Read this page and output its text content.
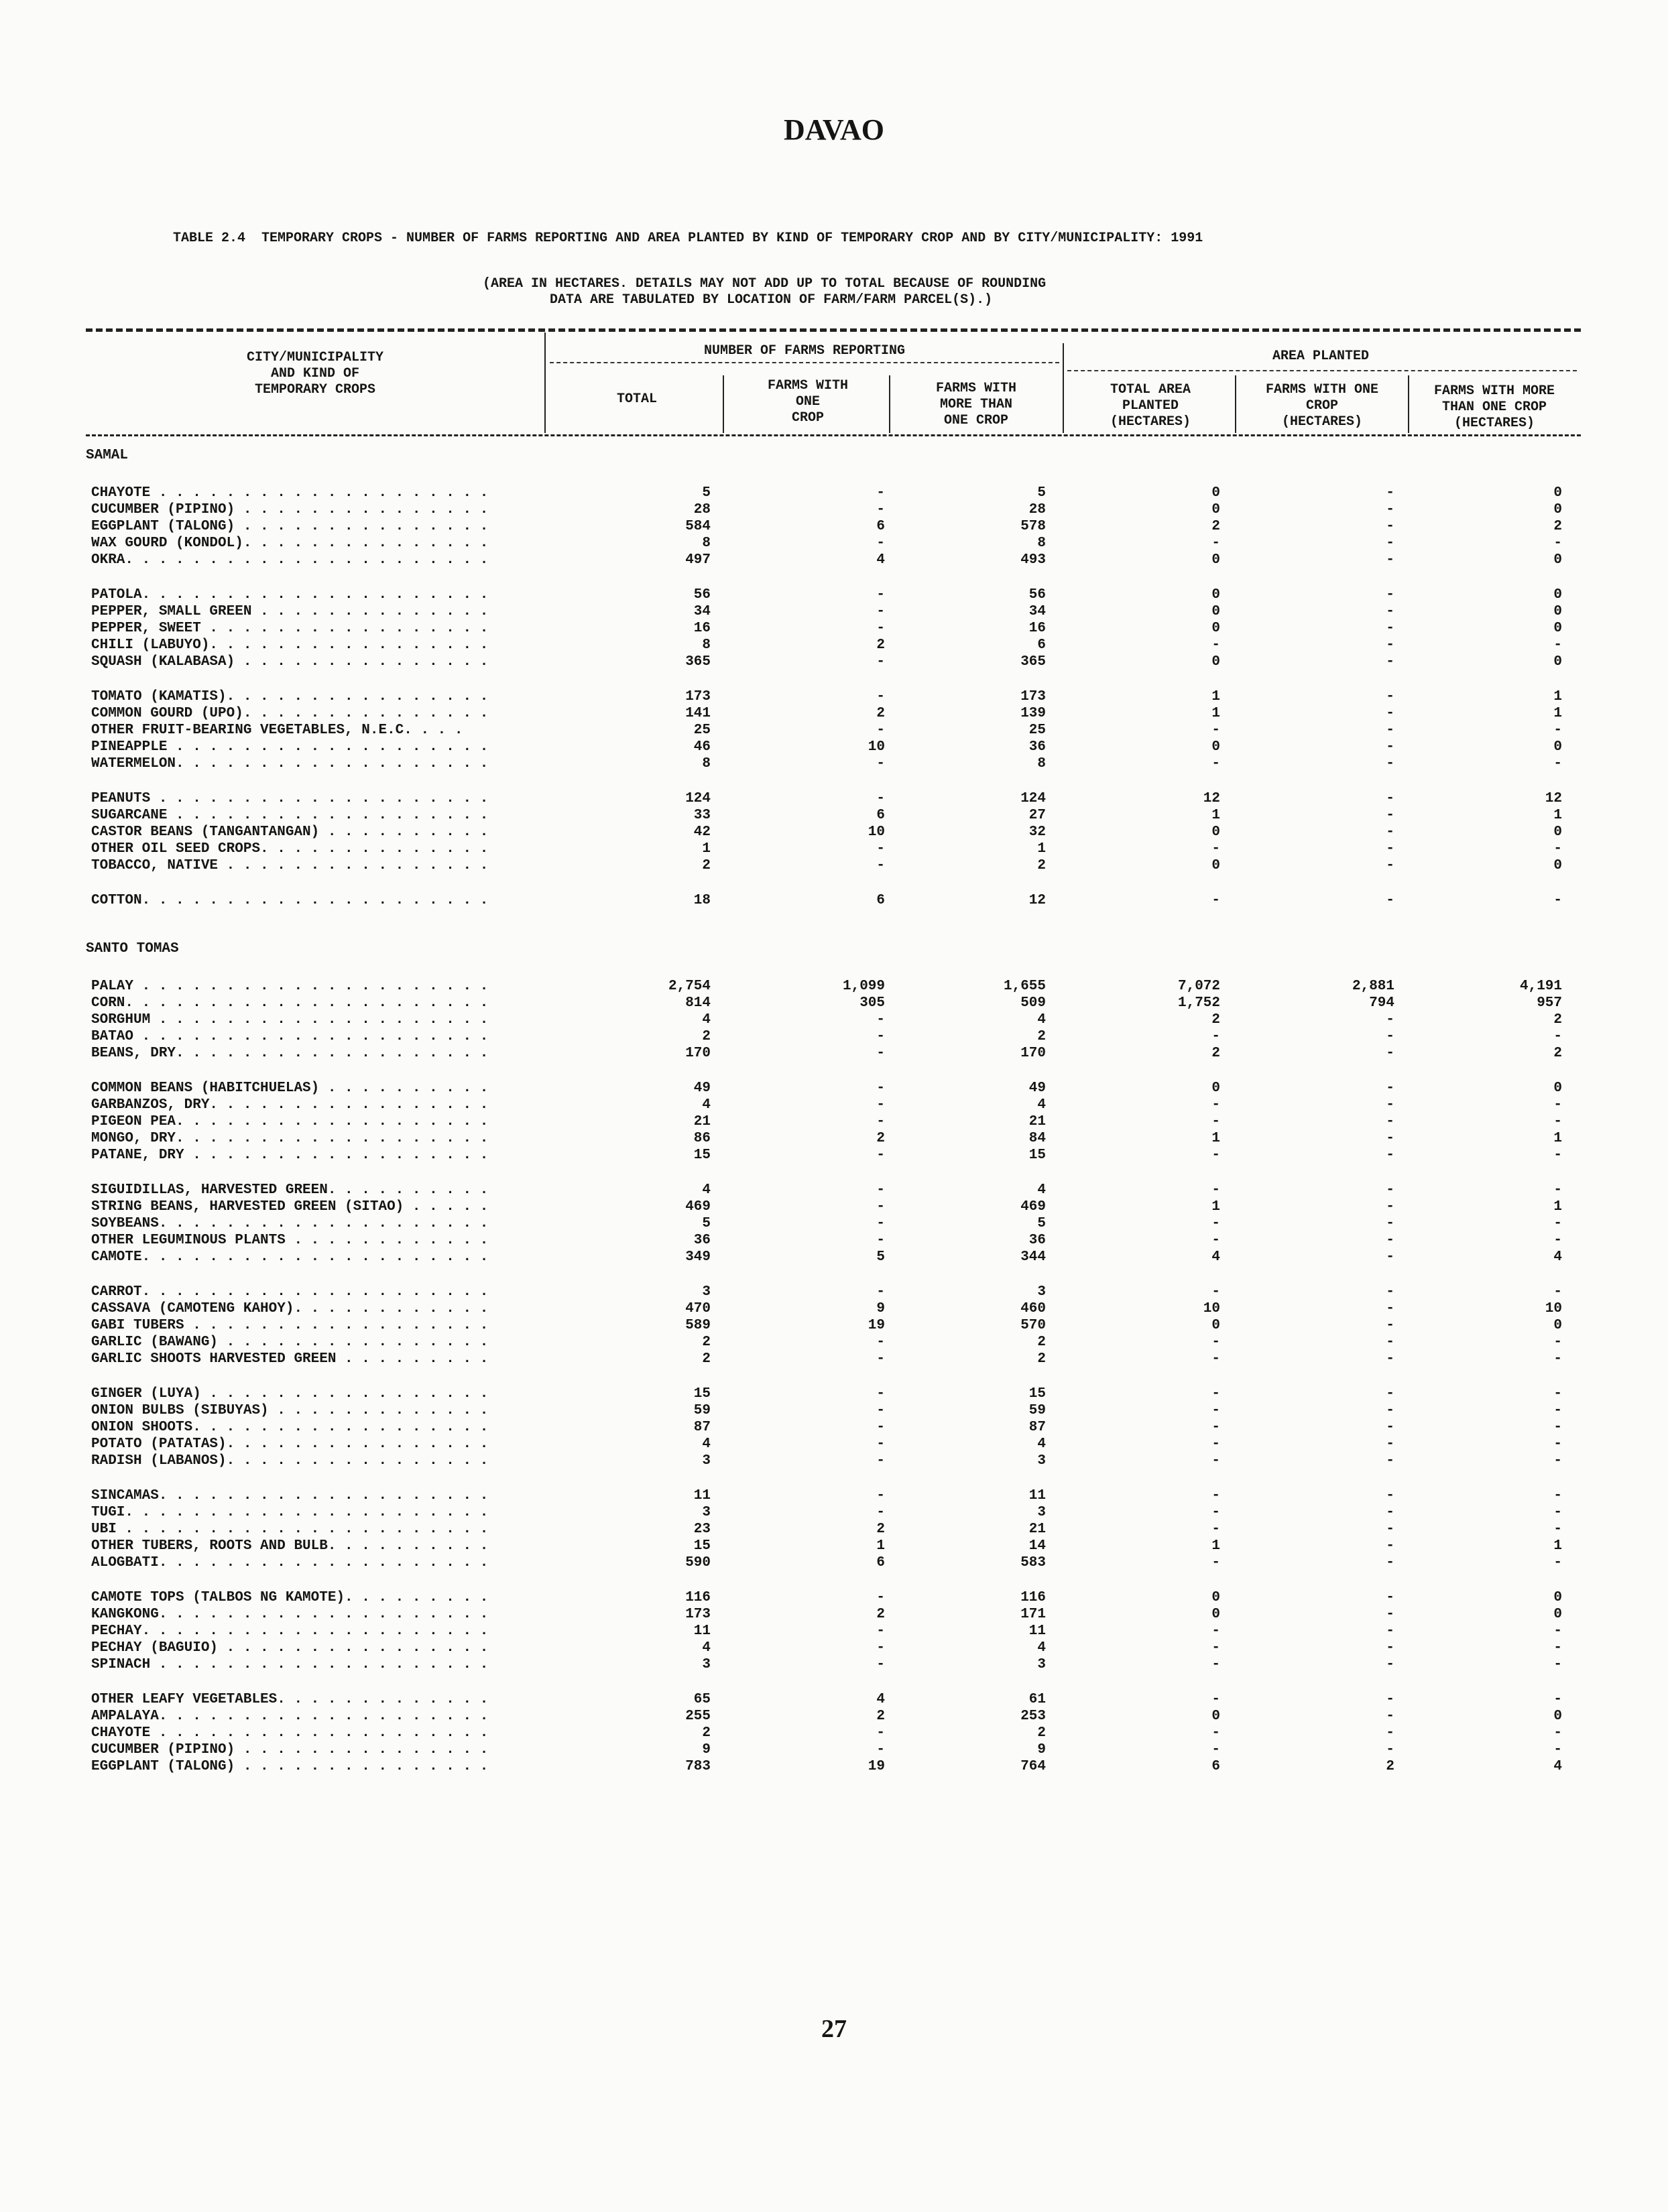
DAVAO
TABLE 2.4  TEMPORARY CROPS - NUMBER OF FARMS REPORTING AND AREA PLANTED BY KIND OF TEMPORARY CROP AND BY CITY/MUNICIPALITY: 1991
(AREA IN HECTARES. DETAILS MAY NOT ADD UP TO TOTAL BECAUSE OF ROUNDING
DATA ARE TABULATED BY LOCATION OF FARM/FARM PARCEL(S).)
CITY/MUNICIPALITY
AND KIND OF
TEMPORARY CROPS
NUMBER OF FARMS REPORTING	AREA PLANTED
TOTAL
FARMS WITH
ONE
CROP
FARMS WITH
MORE THAN
ONE CROP
TOTAL AREA
PLANTED
(HECTARES)
FARMS WITH ONE
CROP
(HECTARES)
FARMS WITH MORE
THAN ONE CROP
(HECTARES)
SAMAL
CHAYOTE . . . . . . . . . . . . . . . . . . . .	5	-	5	0	-	0
CUCUMBER (PIPINO) . . . . . . . . . . . . . . .	28	-	28	0	-	0
EGGPLANT (TALONG) . . . . . . . . . . . . . . .	584	6	578	2	-	2
WAX GOURD (KONDOL). . . . . . . . . . . . . . .	8	-	8	-	-	-
OKRA. . . . . . . . . . . . . . . . . . . . . .	497	4	493	0	-	0
PATOLA. . . . . . . . . . . . . . . . . . . . .	56	-	56	0	-	0
PEPPER, SMALL GREEN . . . . . . . . . . . . . .	34	-	34	0	-	0
PEPPER, SWEET . . . . . . . . . . . . . . . . .	16	-	16	0	-	0
CHILI (LABUYO). . . . . . . . . . . . . . . . .	8	2	6	-	-	-
SQUASH (KALABASA) . . . . . . . . . . . . . . .	365	-	365	0	-	0
TOMATO (KAMATIS). . . . . . . . . . . . . . . .	173	-	173	1	-	1
COMMON GOURD (UPO). . . . . . . . . . . . . . .	141	2	139	1	-	1
OTHER FRUIT-BEARING VEGETABLES, N.E.C. . . .	25	-	25	-	-	-
PINEAPPLE . . . . . . . . . . . . . . . . . . .	46	10	36	0	-	0
WATERMELON. . . . . . . . . . . . . . . . . . .	8	-	8	-	-	-
PEANUTS . . . . . . . . . . . . . . . . . . . .	124	-	124	12	-	12
SUGARCANE . . . . . . . . . . . . . . . . . . .	33	6	27	1	-	1
CASTOR BEANS (TANGANTANGAN) . . . . . . . . . .	42	10	32	0	-	0
OTHER OIL SEED CROPS. . . . . . . . . . . . . .	1	-	1	-	-	-
TOBACCO, NATIVE . . . . . . . . . . . . . . . .	2	-	2	0	-	0
COTTON. . . . . . . . . . . . . . . . . . . . .	18	6	12	-	-	-
SANTO TOMAS
PALAY . . . . . . . . . . . . . . . . . . . . .	2,754	1,099	1,655	7,072	2,881	4,191
CORN. . . . . . . . . . . . . . . . . . . . . .	814	305	509	1,752	794	957
SORGHUM . . . . . . . . . . . . . . . . . . . .	4	-	4	2	-	2
BATAO . . . . . . . . . . . . . . . . . . . . .	2	-	2	-	-	-
BEANS, DRY. . . . . . . . . . . . . . . . . . .	170	-	170	2	-	2
COMMON BEANS (HABITCHUELAS) . . . . . . . . . .	49	-	49	0	-	0
GARBANZOS, DRY. . . . . . . . . . . . . . . . .	4	-	4	-	-	-
PIGEON PEA. . . . . . . . . . . . . . . . . . .	21	-	21	-	-	-
MONGO, DRY. . . . . . . . . . . . . . . . . . .	86	2	84	1	-	1
PATANE, DRY . . . . . . . . . . . . . . . . . .	15	-	15	-	-	-
SIGUIDILLAS, HARVESTED GREEN. . . . . . . . . .	4	-	4	-	-	-
STRING BEANS, HARVESTED GREEN (SITAO) . . . . .	469	-	469	1	-	1
SOYBEANS. . . . . . . . . . . . . . . . . . . .	5	-	5	-	-	-
OTHER LEGUMINOUS PLANTS . . . . . . . . . . . .	36	-	36	-	-	-
CAMOTE. . . . . . . . . . . . . . . . . . . . .	349	5	344	4	-	4
CARROT. . . . . . . . . . . . . . . . . . . . .	3	-	3	-	-	-
CASSAVA (CAMOTENG KAHOY). . . . . . . . . . . .	470	9	460	10	-	10
GABI TUBERS . . . . . . . . . . . . . . . . . .	589	19	570	0	-	0
GARLIC (BAWANG) . . . . . . . . . . . . . . . .	2	-	2	-	-	-
GARLIC SHOOTS HARVESTED GREEN . . . . . . . . .	2	-	2	-	-	-
GINGER (LUYA) . . . . . . . . . . . . . . . . .	15	-	15	-	-	-
ONION BULBS (SIBUYAS) . . . . . . . . . . . . .	59	-	59	-	-	-
ONION SHOOTS. . . . . . . . . . . . . . . . . .	87	-	87	-	-	-
POTATO (PATATAS). . . . . . . . . . . . . . . .	4	-	4	-	-	-
RADISH (LABANOS). . . . . . . . . . . . . . . .	3	-	3	-	-	-
SINCAMAS. . . . . . . . . . . . . . . . . . . .	11	-	11	-	-	-
TUGI. . . . . . . . . . . . . . . . . . . . . .	3	-	3	-	-	-
UBI . . . . . . . . . . . . . . . . . . . . . .	23	2	21	-	-	-
OTHER TUBERS, ROOTS AND BULB. . . . . . . . . .	15	1	14	1	-	1
ALOGBATI. . . . . . . . . . . . . . . . . . . .	590	6	583	-	-	-
CAMOTE TOPS (TALBOS NG KAMOTE). . . . . . . . .	116	-	116	0	-	0
KANGKONG. . . . . . . . . . . . . . . . . . . .	173	2	171	0	-	0
PECHAY. . . . . . . . . . . . . . . . . . . . .	11	-	11	-	-	-
PECHAY (BAGUIO) . . . . . . . . . . . . . . . .	4	-	4	-	-	-
SPINACH . . . . . . . . . . . . . . . . . . . .	3	-	3	-	-	-
OTHER LEAFY VEGETABLES. . . . . . . . . . . . .	65	4	61	-	-	-
AMPALAYA. . . . . . . . . . . . . . . . . . . .	255	2	253	0	-	0
CHAYOTE . . . . . . . . . . . . . . . . . . . .	2	-	2	-	-	-
CUCUMBER (PIPINO) . . . . . . . . . . . . . . .	9	-	9	-	-	-
EGGPLANT (TALONG) . . . . . . . . . . . . . . .	783	19	764	6	2	4
27
